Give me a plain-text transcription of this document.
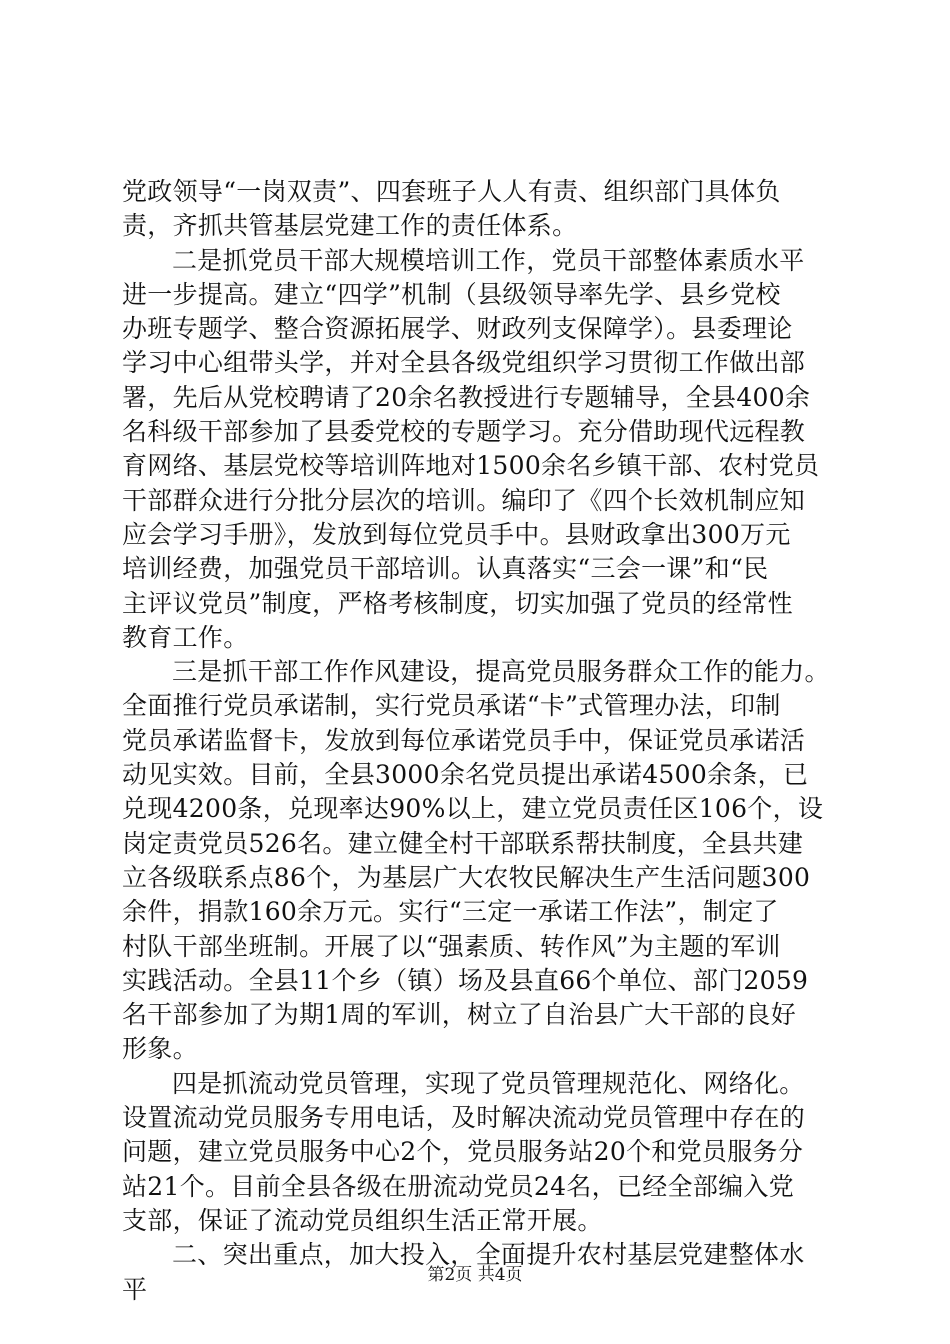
党政领导“一岗双责”、四套班子人人有责、组织部门具体负
责，齐抓共管基层党建工作的责任体系。
二是抓党员干部大规模培训工作，党员干部整体素质水平
进一步提高。建立“四学”机制（县级领导率先学、县乡党校
办班专题学、整合资源拓展学、财政列支保障学）。县委理论
学习中心组带头学，并对全县各级党组织学习贯彻工作做出部
署，先后从党校聘请了20余名教授进行专题辅导，全县400余
名科级干部参加了县委党校的专题学习。充分借助现代远程教
育网络、基层党校等培训阵地对1500余名乡镇干部、农村党员
干部群众进行分批分层次的培训。编印了《四个长效机制应知
应会学习手册》，发放到每位党员手中。县财政拿出300万元
培训经费，加强党员干部培训。认真落实“三会一课”和“民
主评议党员”制度，严格考核制度，切实加强了党员的经常性
教育工作。
三是抓干部工作作风建设，提高党员服务群众工作的能力。
全面推行党员承诺制，实行党员承诺“卡”式管理办法，印制
党员承诺监督卡，发放到每位承诺党员手中，保证党员承诺活
动见实效。目前，全县3000余名党员提出承诺4500余条，已
兑现4200条，兑现率达90%以上，建立党员责任区106个，设
岗定责党员526名。建立健全村干部联系帮扶制度，全县共建
立各级联系点86个，为基层广大农牧民解决生产生活问题300
余件，捐款160余万元。实行“三定一承诺工作法”，制定了
村队干部坐班制。开展了以“强素质、转作风”为主题的军训
实践活动。全县11个乡（镇）场及县直66个单位、部门2059
名干部参加了为期1周的军训，树立了自治县广大干部的良好
形象。
四是抓流动党员管理，实现了党员管理规范化、网络化。
设置流动党员服务专用电话，及时解决流动党员管理中存在的
问题，建立党员服务中心2个，党员服务站20个和党员服务分
站21个。目前全县各级在册流动党员24名，已经全部编入党
支部，保证了流动党员组织生活正常开展。
二、突出重点，加大投入，全面提升农村基层党建整体水
平	第2页 共4页
